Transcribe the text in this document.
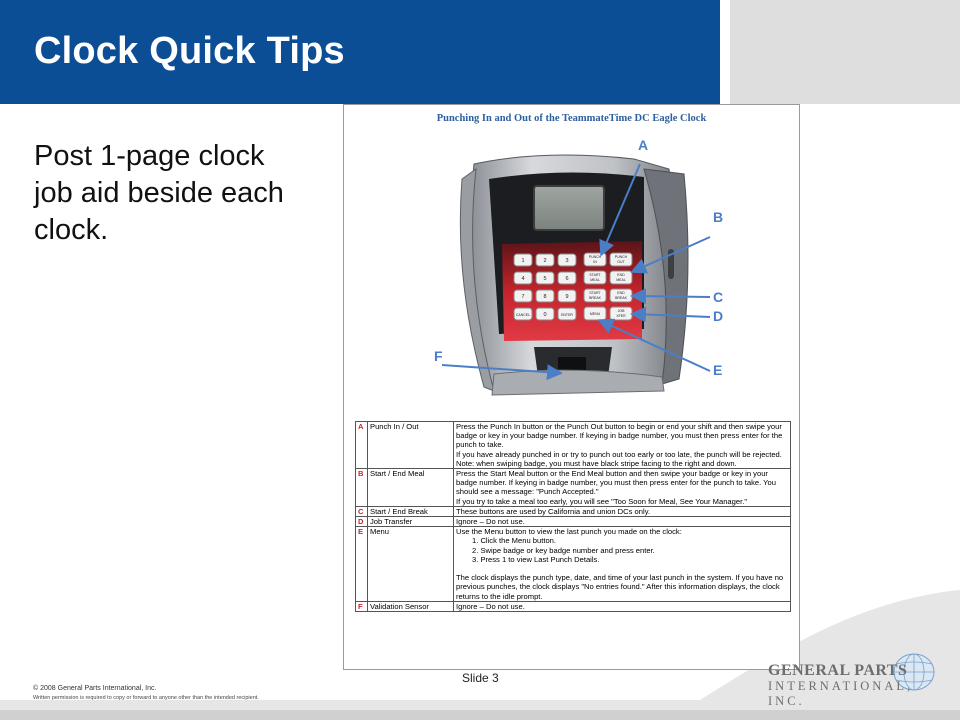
Clock Quick Tips
Post 1-page clock job aid beside each clock.
Punching In and Out of the TeammateTime DC Eagle Clock
1	2	3
PUNCH
IN
PUNCH
OUT
4	5	6
START
MEAL
END
MEAL
7	8	9
START
BREAK
END
BREAK
CANCEL 0	ENTER	MENU
JOB
XFER
A
B
C
D
E
F
A	Punch In / Out	Press the Punch In button or the Punch Out button to begin or end your shift and then swipe your badge or key in your badge number. If keying in badge number, you must then press enter for the punch to take.

If you have already punched in or try to punch out too early or too late, the punch will be rejected.

Note: when swiping badge, you must have black stripe facing to the right and down.

B	Start / End Meal	Press the Start Meal button or the End Meal button and then swipe your badge or key in your badge number. If keying in badge number, you must then press enter for the punch to take. You should see a message: "Punch Accepted."

If you try to take a meal too early, you will see "Too Soon for Meal, See Your Manager."

C	Start / End Break	These buttons are used by California and union DCs only.

D	Job Transfer	Ignore – Do not use.

E	Menu	Use the Menu button to view the last punch you made on the clock:

1. Click the Menu button.

2. Swipe badge or key badge number and press enter.

3. Press 1 to view Last Punch Details.

The clock displays the punch type, date, and time of your last punch in the system. If you have no previous punches, the clock displays "No entries found." After this information displays, the clock returns to the idle prompt.

F	Validation Sensor	Ignore – Do not use.

Slide 3
© 2008 General Parts International, Inc.
Written permission is required to copy or forward to anyone other than the intended recipient.
GENERAL PARTS
INTERNATIONAL, INC.
